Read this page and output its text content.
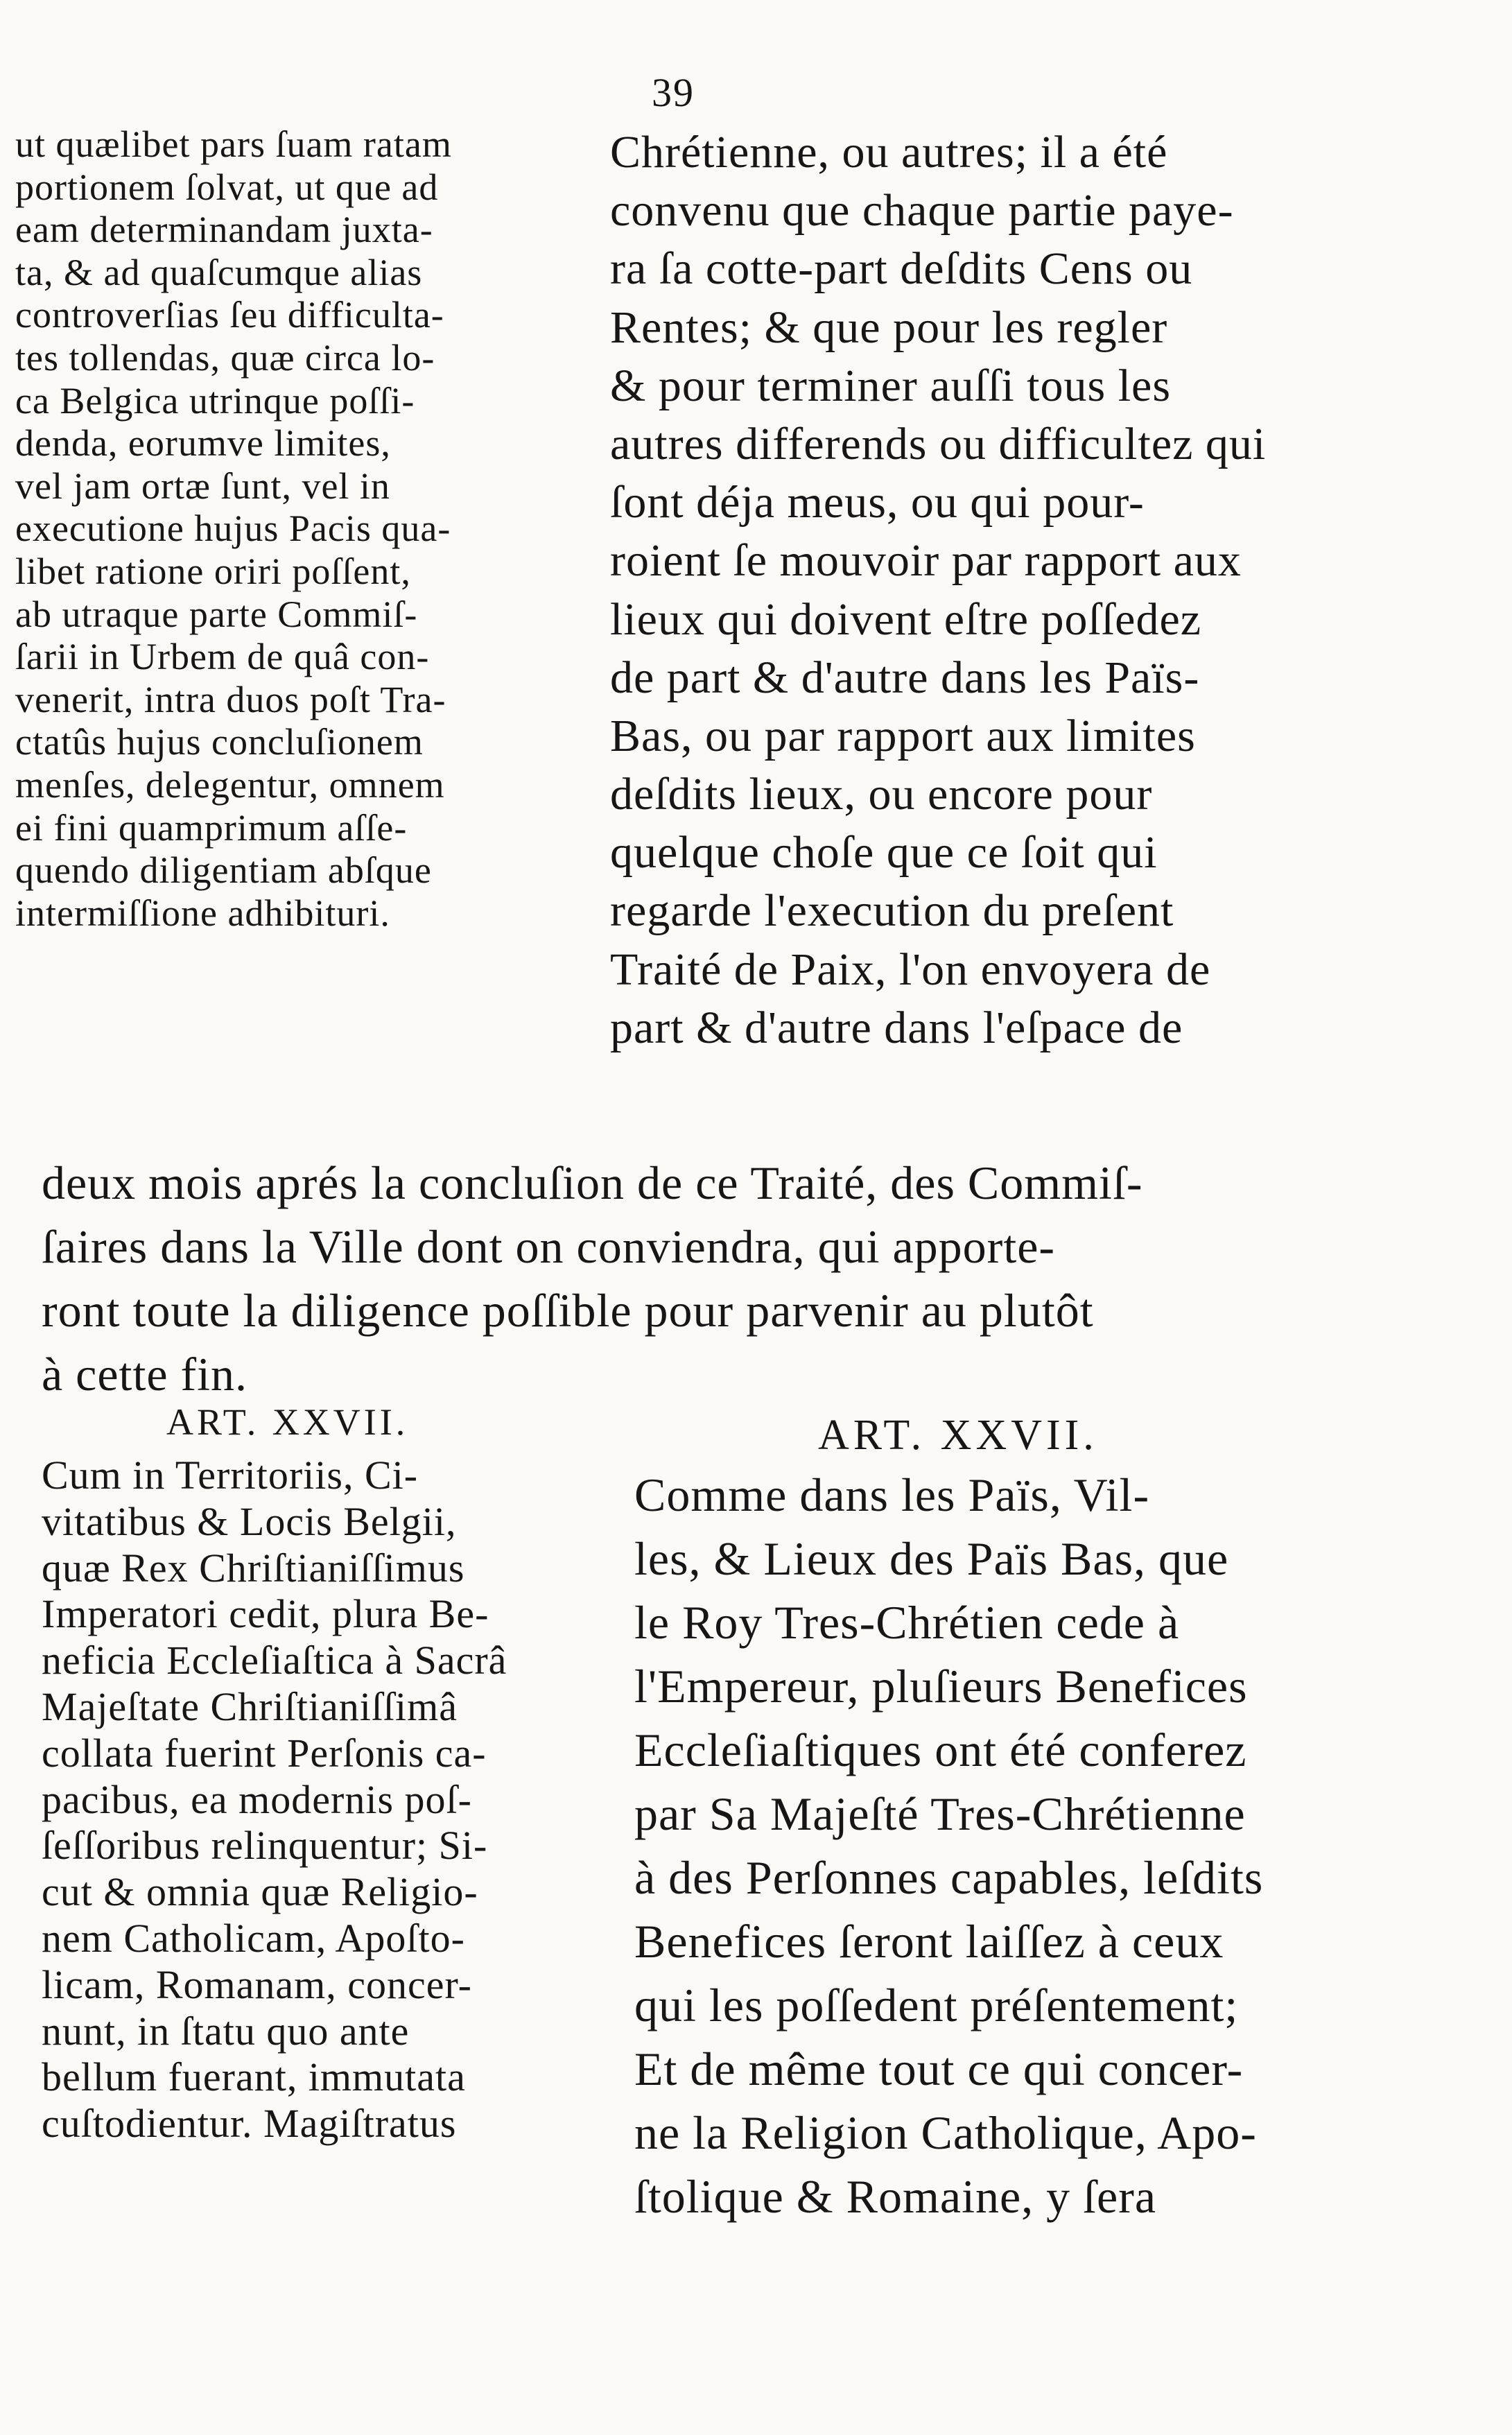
39
ut quælibet pars ſuam ratam
portionem ſolvat, ut que ad
eam determinandam juxta-
ta, & ad quaſcumque alias
controverſias ſeu difficulta-
tes tollendas, quæ circa lo-
ca Belgica utrinque poſſi-
denda, eorumve limites,
vel jam ortæ ſunt, vel in
executione hujus Pacis qua-
libet ratione oriri poſſent,
ab utraque parte Commiſ-
ſarii in Urbem de quâ con-
venerit, intra duos poſt Tra-
ctatûs hujus concluſionem
menſes, delegentur, omnem
ei fini quamprimum aſſe-
quendo diligentiam abſque
intermiſſione adhibituri.
Chrétienne, ou autres; il a été
convenu que chaque partie paye-
ra ſa cotte-part deſdits Cens ou
Rentes; & que pour les regler
& pour terminer auſſi tous les
autres differends ou difficultez qui
ſont déja meus, ou qui pour-
roient ſe mouvoir par rapport aux
lieux qui doivent eſtre poſſedez
de part & d'autre dans les Païs-
Bas, ou par rapport aux limites
deſdits lieux, ou encore pour
quelque choſe que ce ſoit qui
regarde l'execution du preſent
Traité de Paix, l'on envoyera de
part & d'autre dans l'eſpace de
deux mois aprés la concluſion de ce Traité, des Commiſ-
ſaires dans la Ville dont on conviendra, qui apporte-
ront toute la diligence poſſible pour parvenir au plutôt
à cette fin.
ART. XXVII.	ART. XXVII.
Cum in Territoriis, Ci-
vitatibus & Locis Belgii,
quæ Rex Chriſtianiſſimus
Imperatori cedit, plura Be-
neficia Eccleſiaſtica à Sacrâ
Majeſtate Chriſtianiſſimâ
collata fuerint Perſonis ca-
pacibus, ea modernis poſ-
ſeſſoribus relinquentur; Si-
cut & omnia quæ Religio-
nem Catholicam, Apoſto-
licam, Romanam, concer-
nunt, in ſtatu quo ante
bellum fuerant, immutata
cuſtodientur. Magiſtratus
Comme dans les Païs, Vil-
les, & Lieux des Païs Bas, que
le Roy Tres-Chrétien cede à
l'Empereur, pluſieurs Benefices
Eccleſiaſtiques ont été conferez
par Sa Majeſté Tres-Chrétienne
à des Perſonnes capables, leſdits
Benefices ſeront laiſſez à ceux
qui les poſſedent préſentement;
Et de même tout ce qui concer-
ne la Religion Catholique, Apo-
ſtolique & Romaine, y ſera
